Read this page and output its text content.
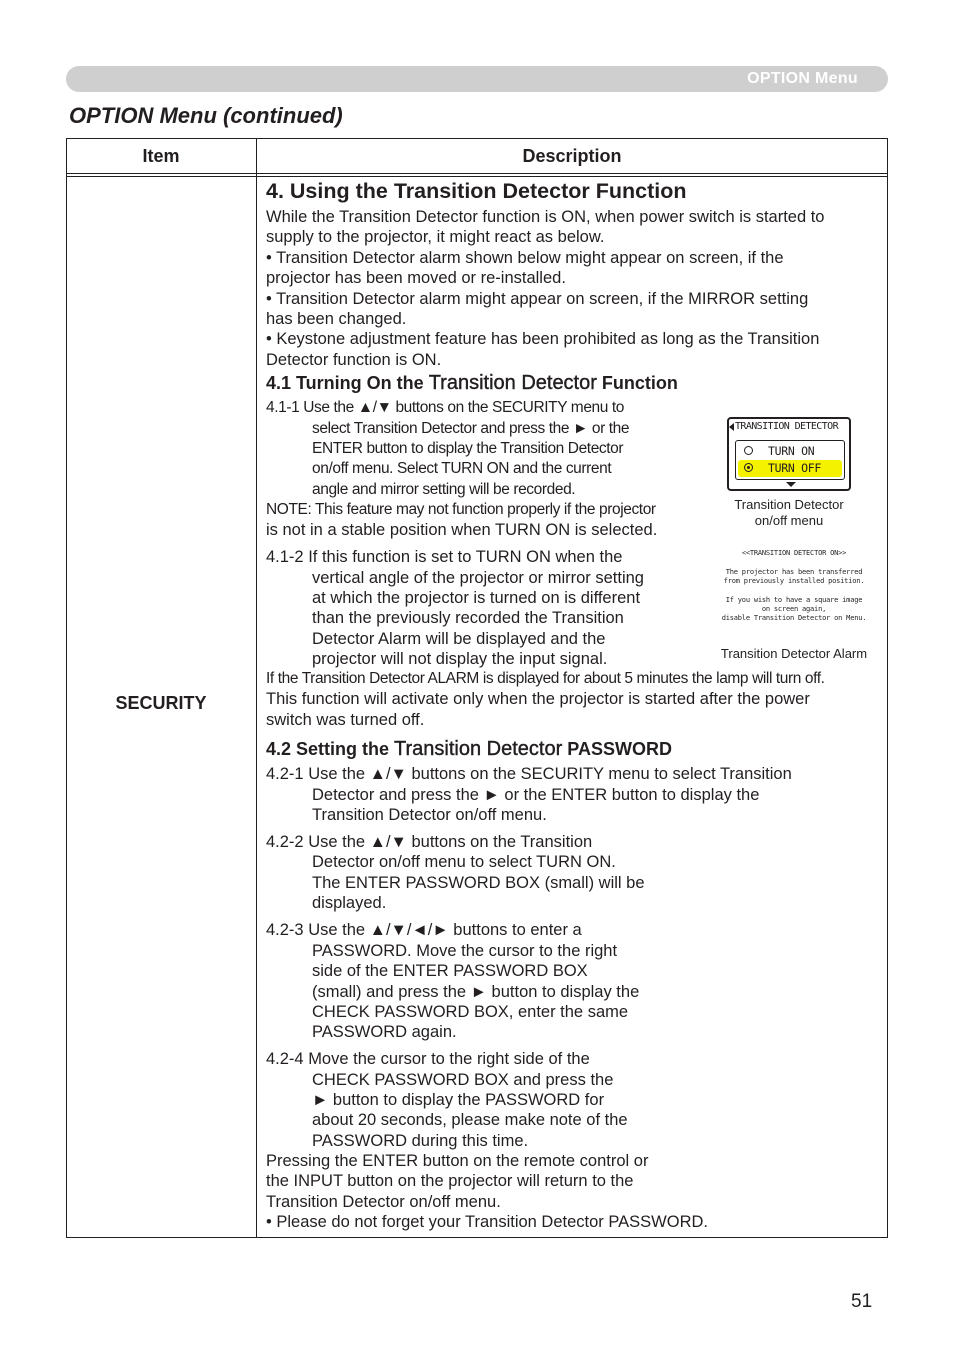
OPTION Menu
OPTION Menu (continued)
Item	Description
SECURITY
4. Using the Transition Detector Function
While the Transition Detector function is ON, when power switch is started to
supply to the projector, it might react as below.
• Transition Detector alarm shown below might appear on screen, if the
projector has been moved or re-installed.
• Transition Detector alarm might appear on screen, if the MIRROR setting
has been changed.
• Keystone adjustment feature has been prohibited as long as the Transition
Detector function is ON.
4.1 Turning On the Transition Detector Function
4.1-1 Use the ▲/▼ buttons on the SECURITY menu to
select Transition Detector and press the ► or the
ENTER button to display the Transition Detector
on/off menu. Select TURN ON and the current
angle and mirror setting will be recorded.
NOTE: This feature may not function properly if the projector
is not in a stable position when TURN ON is selected.
TRANSITION DETECTOR
TURN ON
TURN OFF
Transition Detector
on/off menu
4.1-2 If this function is set to TURN ON when the
vertical angle of the projector or mirror setting
at which the projector is turned on is different
than the previously recorded the Transition
Detector Alarm will be displayed and the
projector will not display the input signal.
<<TRANSITION DETECTOR ON>>
The projector has been transferred
from previously installed position.
If you wish to have a square image
on screen again,
disable Transition Detector on Menu.
Transition Detector Alarm
If the Transition Detector ALARM is displayed for about 5 minutes the lamp will turn off.
This function will activate only when the projector is started after the power
switch was turned off.
4.2 Setting the Transition Detector PASSWORD
4.2-1 Use the ▲/▼ buttons on the SECURITY menu to select Transition
Detector and press the ► or the ENTER button to display the
Transition Detector on/off menu.
4.2-2 Use the ▲/▼ buttons on the Transition
Detector on/off menu to select TURN ON.
The ENTER PASSWORD BOX (small) will be
displayed.
4.2-3 Use the ▲/▼/◄/► buttons to enter a
PASSWORD. Move the cursor to the right
side of the ENTER PASSWORD BOX
(small) and press the ► button to display the
CHECK PASSWORD BOX, enter the same
PASSWORD again.
4.2-4 Move the cursor to the right side of the
CHECK PASSWORD BOX and press the
► button to display the PASSWORD for
about 20 seconds, please make note of the
PASSWORD during this time.
Pressing the ENTER button on the remote control or
the INPUT button on the projector will return to the
Transition Detector on/off menu.
• Please do not forget your Transition Detector PASSWORD.
51
